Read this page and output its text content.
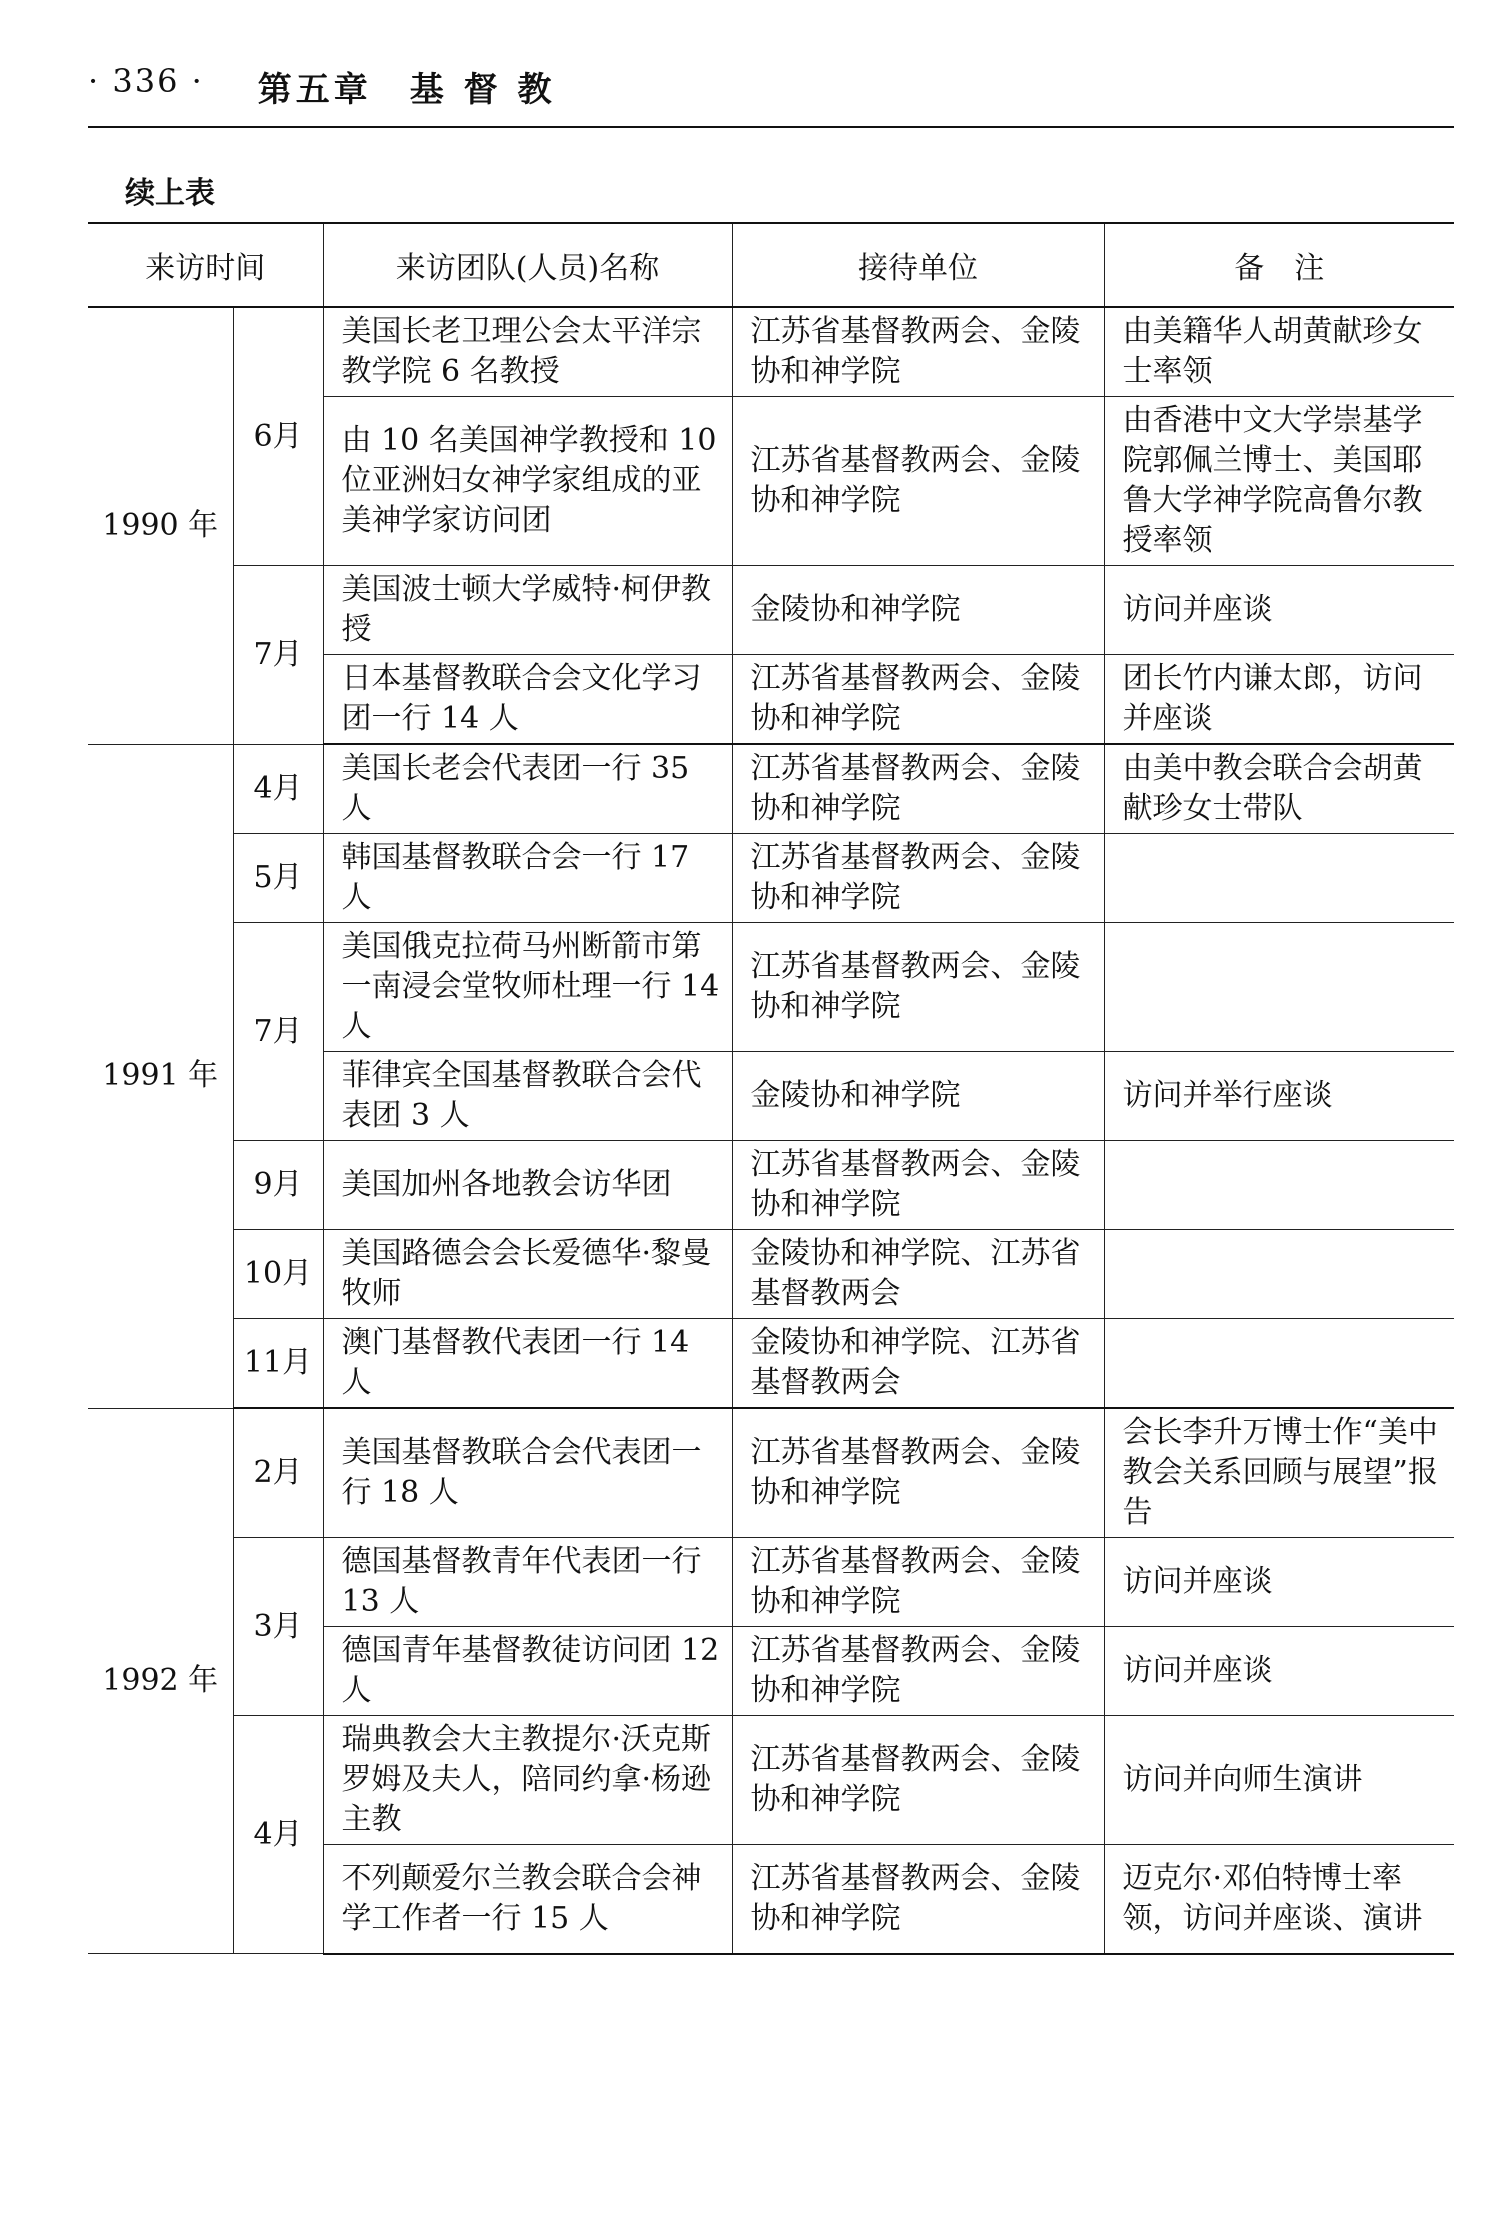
· 336 · 第五章　基 督 教
续上表
来访时间		来访团队(人员)名称	接待单位	备　注
1990 年	6月	美国长老卫理公会太平洋宗教学院 6 名教授	江苏省基督教两会、金陵协和神学院	由美籍华人胡黄献珍女士率领
		由 10 名美国神学教授和 10 位亚洲妇女神学家组成的亚美神学家访问团	江苏省基督教两会、金陵协和神学院	由香港中文大学崇基学院郭佩兰博士、美国耶鲁大学神学院高鲁尔教授率领
	7月	美国波士顿大学威特·柯伊教授	金陵协和神学院	访问并座谈
		日本基督教联合会文化学习团一行 14 人	江苏省基督教两会、金陵协和神学院	团长竹内谦太郎，访问并座谈
1991 年	4月	美国长老会代表团一行 35 人	江苏省基督教两会、金陵协和神学院	由美中教会联合会胡黄献珍女士带队
	5月	韩国基督教联合会一行 17 人	江苏省基督教两会、金陵协和神学院	
	7月	美国俄克拉荷马州断箭市第一南浸会堂牧师杜理一行 14 人	江苏省基督教两会、金陵协和神学院	
		菲律宾全国基督教联合会代表团 3 人	金陵协和神学院	访问并举行座谈
	9月	美国加州各地教会访华团	江苏省基督教两会、金陵协和神学院	
	10月	美国路德会会长爱德华·黎曼牧师	金陵协和神学院、江苏省基督教两会	
	11月	澳门基督教代表团一行 14 人	金陵协和神学院、江苏省基督教两会	
1992 年	2月	美国基督教联合会代表团一行 18 人	江苏省基督教两会、金陵协和神学院	会长李升万博士作“美中教会关系回顾与展望”报告
	3月	德国基督教青年代表团一行 13 人	江苏省基督教两会、金陵协和神学院	访问并座谈
		德国青年基督教徒访问团 12 人	江苏省基督教两会、金陵协和神学院	访问并座谈
	4月	瑞典教会大主教提尔·沃克斯罗姆及夫人，陪同约拿·杨逊主教	江苏省基督教两会、金陵协和神学院	访问并向师生演讲
		不列颠爱尔兰教会联合会神学工作者一行 15 人	江苏省基督教两会、金陵协和神学院	迈克尔·邓伯特博士率领，访问并座谈、演讲
